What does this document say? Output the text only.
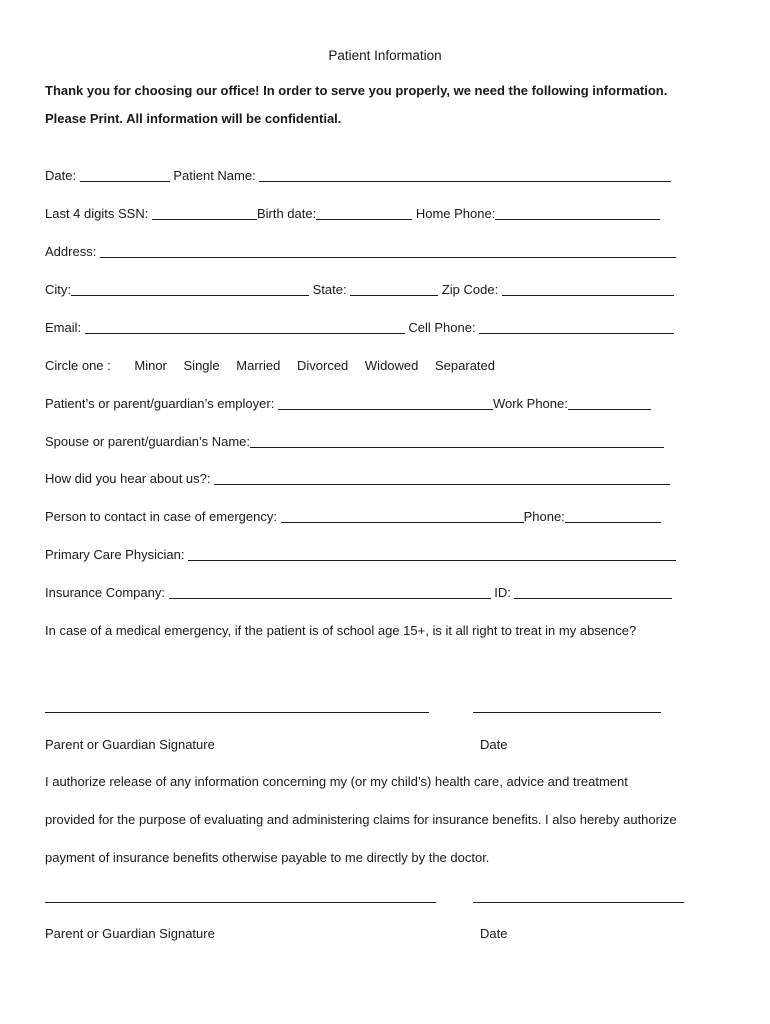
Patient Information
Thank you for choosing our office! In order to serve you properly, we need the following information.
Please Print. All information will be confidential.
Date:	Patient Name:
Last 4 digits SSN:	Birth date:	Home Phone:
Address:
City:	State:	Zip Code:
Email:	Cell Phone:
Circle one : Minor Single Married Divorced Widowed Separated
Patient’s or parent/guardian’s employer:	Work Phone:
Spouse or parent/guardian’s Name:
How did you hear about us?:
Person to contact in case of emergency:	Phone:
Primary Care Physician:
Insurance Company:	ID:
In case of a medical emergency, if the patient is of school age 15+, is it all right to treat in my absence?
Parent or Guardian Signature	Date
I authorize release of any information concerning my (or my child’s) health care, advice and treatment
provided for the purpose of evaluating and administering claims for insurance benefits. I also hereby authorize
payment of insurance benefits otherwise payable to me directly by the doctor.
Parent or Guardian Signature	Date
